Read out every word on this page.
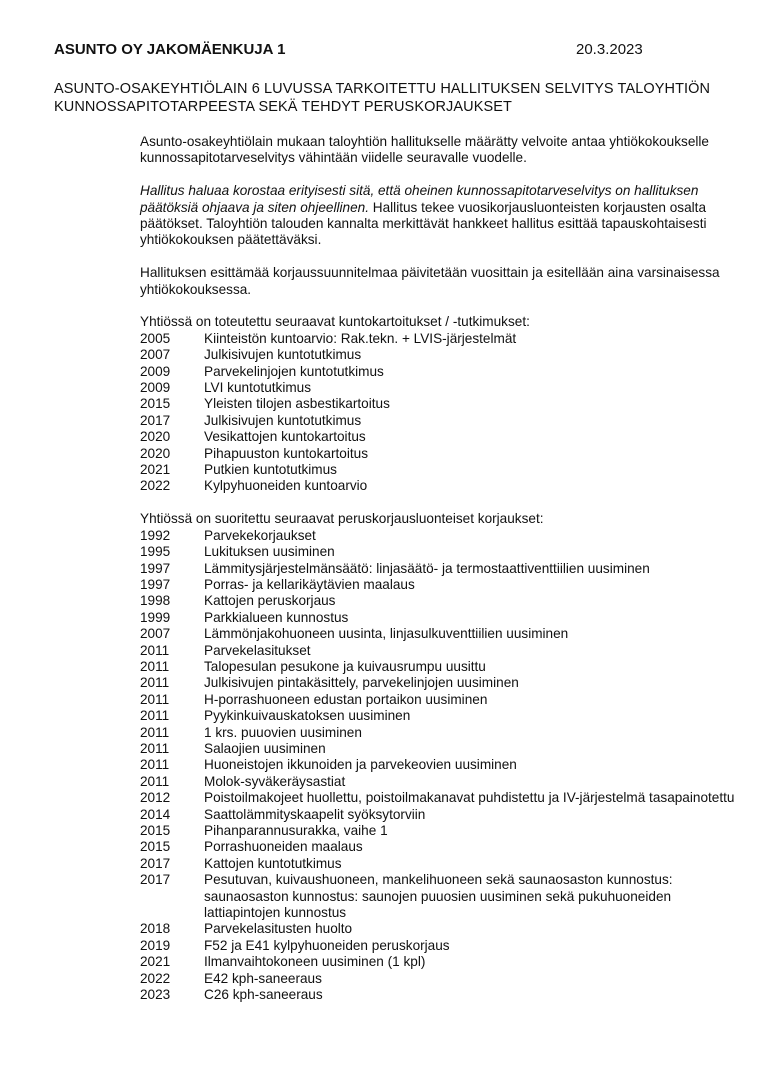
ASUNTO OY JAKOMÄENKUJA 1	20.3.2023
ASUNTO-OSAKEYHTIÖLAIN 6 LUVUSSA TARKOITETTU HALLITUKSEN SELVITYS TALOYHTIÖN
KUNNOSSAPITOTARPEESTA SEKÄ TEHDYT PERUSKORJAUKSET

Asunto-osakeyhtiölain mukaan taloyhtiön hallitukselle määrätty velvoite antaa yhtiökokoukselle kunnossapitotarveselvitys vähintään viidelle seuravalle vuodelle.

Hallitus haluaa korostaa erityisesti sitä, että oheinen kunnossapitotarveselvitys on hallituksen päätöksiä ohjaava ja siten ohjeellinen. Hallitus tekee vuosikorjausluonteisten korjausten osalta päätökset. Taloyhtiön talouden kannalta merkittävät hankkeet hallitus esittää tapauskohtaisesti yhtiökokouksen päätettäväksi.

Hallituksen esittämää korjaussuunnitelmaa päivitetään vuosittain ja esitellään aina varsinaisessa yhtiökokouksessa.

Yhtiössä on toteutettu seuraavat kuntokartoitukset / -tutkimukset:

2005	Kiinteistön kuntoarvio: Rak.tekn. + LVIS-järjestelmät
2007	Julkisivujen kuntotutkimus
2009	Parvekelinjojen kuntotutkimus
2009	LVI kuntotutkimus
2015	Yleisten tilojen asbestikartoitus
2017	Julkisivujen kuntotutkimus
2020	Vesikattojen kuntokartoitus
2020	Pihapuuston kuntokartoitus
2021	Putkien kuntotutkimus
2022	Kylpyhuoneiden kuntoarvio

Yhtiössä on suoritettu seuraavat peruskorjausluonteiset korjaukset:

1992	Parvekekorjaukset
1995	Lukituksen uusiminen
1997	Lämmitysjärjestelmänsäätö: linjasäätö- ja termostaattiventtiilien uusiminen
1997	Porras- ja kellarikäytävien maalaus
1998	Kattojen peruskorjaus
1999	Parkkialueen kunnostus
2007	Lämmönjakohuoneen uusinta, linjasulkuventtiilien uusiminen
2011	Parvekelasitukset
2011	Talopesulan pesukone ja kuivausrumpu uusittu
2011	Julkisivujen pintakäsittely, parvekelinjojen uusiminen
2011	H-porrashuoneen edustan portaikon uusiminen
2011	Pyykinkuivauskatoksen uusiminen
2011	1 krs. puuovien uusiminen
2011	Salaojien uusiminen
2011	Huoneistojen ikkunoiden ja parvekeovien uusiminen
2011	Molok-syväkeräysastiat
2012	Poistoilmakojeet huollettu, poistoilmakanavat puhdistettu ja IV-järjestelmä tasapainotettu
2014	Saattolämmityskaapelit syöksytorviin
2015	Pihanparannusurakka, vaihe 1
2015	Porrashuoneiden maalaus
2017	Kattojen kuntotutkimus
2017	Pesutuvan, kuivaushuoneen, mankelihuoneen sekä saunaosaston kunnostus: saunaosaston kunnostus: saunojen puuosien uusiminen sekä pukuhuoneiden lattiapintojen kunnostus
2018	Parvekelasitusten huolto
2019	F52 ja E41 kylpyhuoneiden peruskorjaus
2021	Ilmanvaihtokoneen uusiminen (1 kpl)
2022	E42 kph-saneeraus
2023	C26 kph-saneeraus
